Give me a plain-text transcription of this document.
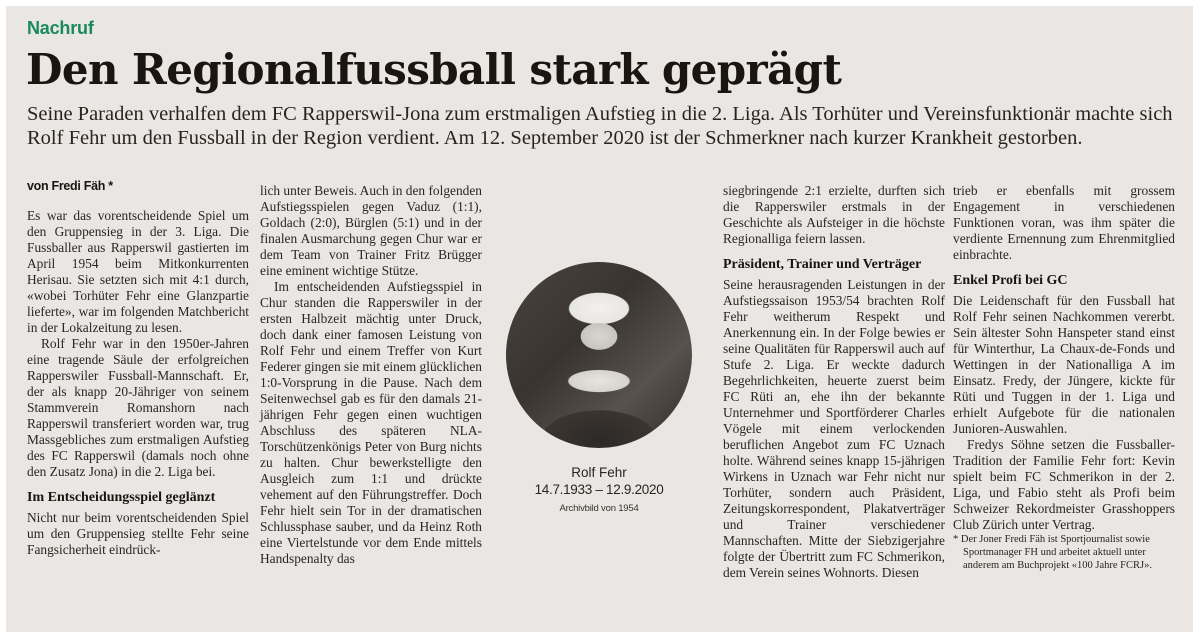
Nachruf
Den Regionalfussball stark geprägt
Seine Paraden verhalfen dem FC Rapperswil-Jona zum erstmaligen Aufstieg in die 2. Liga. Als Torhüter und Vereinsfunktionär machte sich Rolf Fehr um den Fussball in der Region verdient. Am 12. September 2020 ist der Schmerkner nach kurzer Krankheit gestorben.
von Fredi Fäh *

Es war das vorentscheidende Spiel um den Gruppensieg in der 3. Liga. Die Fussballer aus Rapperswil gastierten im April 1954 beim Mitkonkurrenten Herisau. Sie setzten sich mit 4:1 durch, «wobei Torhüter Fehr eine Glanzpartie lieferte», war im folgenden Matchbericht in der Lokalzeitung zu lesen.

Rolf Fehr war in den 1950er-Jahren eine tragende Säule der erfolgreichen Rapperswiler Fussball-Mannschaft. Er, der als knapp 20-Jähriger von seinem Stammverein Romanshorn nach Rapperswil transferiert worden war, trug Massgebliches zum erstmaligen Aufstieg des FC Rapperswil (damals noch ohne den Zusatz Jona) in die 2. Liga bei.

Im Entscheidungsspiel geglänzt

Nicht nur beim vorentscheidenden Spiel um den Gruppensieg stellte Fehr seine Fangsicherheit eindrück-

lich unter Beweis. Auch in den folgenden Aufstiegsspielen gegen Vaduz (1:1), Goldach (2:0), Bürglen (5:1) und in der finalen Ausmarchung gegen Chur war er dem Team von Trainer Fritz Brügger eine eminent wichtige Stütze.

Im entscheidenden Aufstiegsspiel in Chur standen die Rapperswiler in der ersten Halbzeit mächtig unter Druck, doch dank einer famosen Leistung von Rolf Fehr und einem Treffer von Kurt Federer gingen sie mit einem glücklichen 1:0-Vorsprung in die Pause. Nach dem Seitenwechsel gab es für den damals 21-jährigen Fehr gegen einen wuchtigen Abschluss des späteren NLA-Torschützenkönigs Peter von Burg nichts zu halten. Chur bewerkstelligte den Ausgleich zum 1:1 und drückte vehement auf den Führungstreffer. Doch Fehr hielt sein Tor in der dramatischen Schlussphase sauber, und da Heinz Roth eine Viertelstunde vor dem Ende mittels Handspenalty das

Rolf Fehr
14.7.1933 – 12.9.2020
Archivbild von 1954

siegbringende 2:1 erzielte, durften sich die Rapperswiler erstmals in der Geschichte als Aufsteiger in die höchste Regionalliga feiern lassen.

Präsident, Trainer und Verträger

Seine herausragenden Leistungen in der Aufstiegssaison 1953/54 brachten Rolf Fehr weitherum Respekt und Anerkennung ein. In der Folge bewies er seine Qualitäten für Rapperswil auch auf Stufe 2. Liga. Er weckte dadurch Begehrlichkeiten, heuerte zuerst beim FC Rüti an, ehe ihn der bekannte Unternehmer und Sportförderer Charles Vögele mit einem verlockenden beruflichen Angebot zum FC Uznach holte. Während seines knapp 15-jährigen Wirkens in Uznach war Fehr nicht nur Torhüter, sondern auch Präsident, Zeitungskorrespondent, Plakatverträger und Trainer verschiedener Mannschaften. Mitte der Siebzigerjahre folgte der Übertritt zum FC Schmerikon, dem Verein seines Wohnorts. Diesen

trieb er ebenfalls mit grossem Engagement in verschiedenen Funktionen voran, was ihm später die verdiente Ernennung zum Ehrenmitglied einbrachte.

Enkel Profi bei GC

Die Leidenschaft für den Fussball hat Rolf Fehr seinen Nachkommen vererbt. Sein ältester Sohn Hanspeter stand einst für Winterthur, La Chaux-de-Fonds und Wettingen in der Nationalliga A im Einsatz. Fredy, der Jüngere, kickte für Rüti und Tuggen in der 1. Liga und erhielt Aufgebote für die nationalen Junioren-Auswahlen.

Fredys Söhne setzen die Fussballer-Tradition der Familie Fehr fort: Kevin spielt beim FC Schmerikon in der 2. Liga, und Fabio steht als Profi beim Schweizer Rekordmeister Grasshoppers Club Zürich unter Vertrag.

* Der Joner Fredi Fäh ist Sportjournalist sowie Sportmanager FH und arbeitet aktuell unter anderem am Buchprojekt «100 Jahre FCRJ».
